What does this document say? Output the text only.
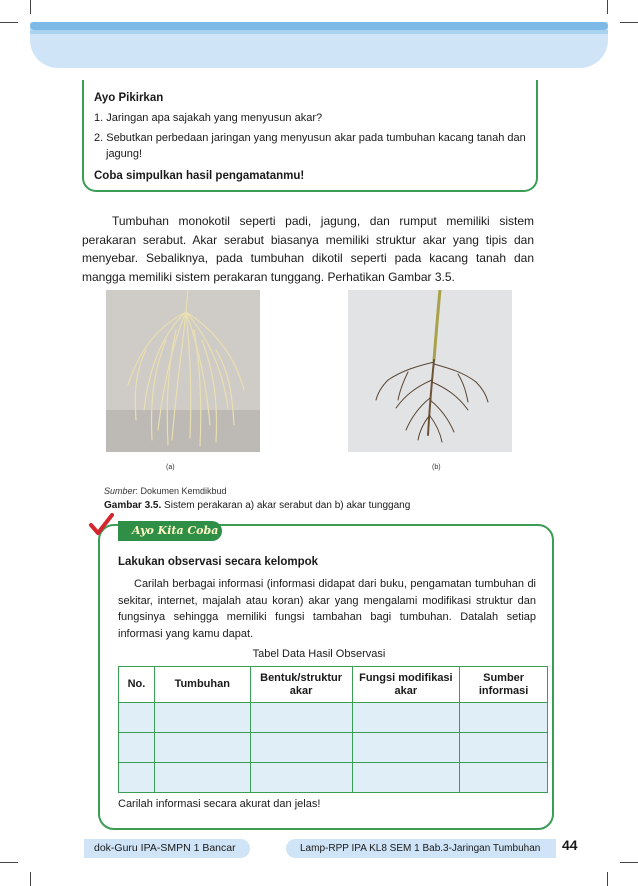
Ayo Pikirkan
1. Jaringan apa sajakah yang menyusun akar?
2. Sebutkan perbedaan jaringan yang menyusun akar pada tumbuhan kacang tanah dan jagung!
Coba simpulkan hasil pengamatanmu!
Tumbuhan monokotil seperti padi, jagung, dan rumput memiliki sistem perakaran serabut. Akar serabut biasanya memiliki struktur akar yang tipis dan menyebar. Sebaliknya, pada tumbuhan dikotil seperti pada kacang tanah dan mangga memiliki sistem perakaran tunggang. Perhatikan Gambar 3.5.
(a)	(b)
Sumber: Dokumen Kemdikbud
Gambar 3.5. Sistem perakaran a) akar serabut dan b) akar tunggang
Ayo Kita Coba
Lakukan observasi secara kelompok
Carilah berbagai informasi (informasi didapat dari buku, pengamatan tumbuhan di sekitar, internet, majalah atau koran) akar yang mengalami modifikasi struktur dan fungsinya sehingga memiliki fungsi tambahan bagi tumbuhan. Datalah setiap informasi yang kamu dapat.
Tabel Data Hasil Observasi
No.	Tumbuhan	Bentuk/struktur akar	Fungsi modifikasi akar	Sumber informasi

Carilah informasi secara akurat dan jelas!
dok-Guru IPA-SMPN 1 Bancar	Lamp-RPP IPA KL8 SEM 1 Bab.3-Jaringan Tumbuhan	44
